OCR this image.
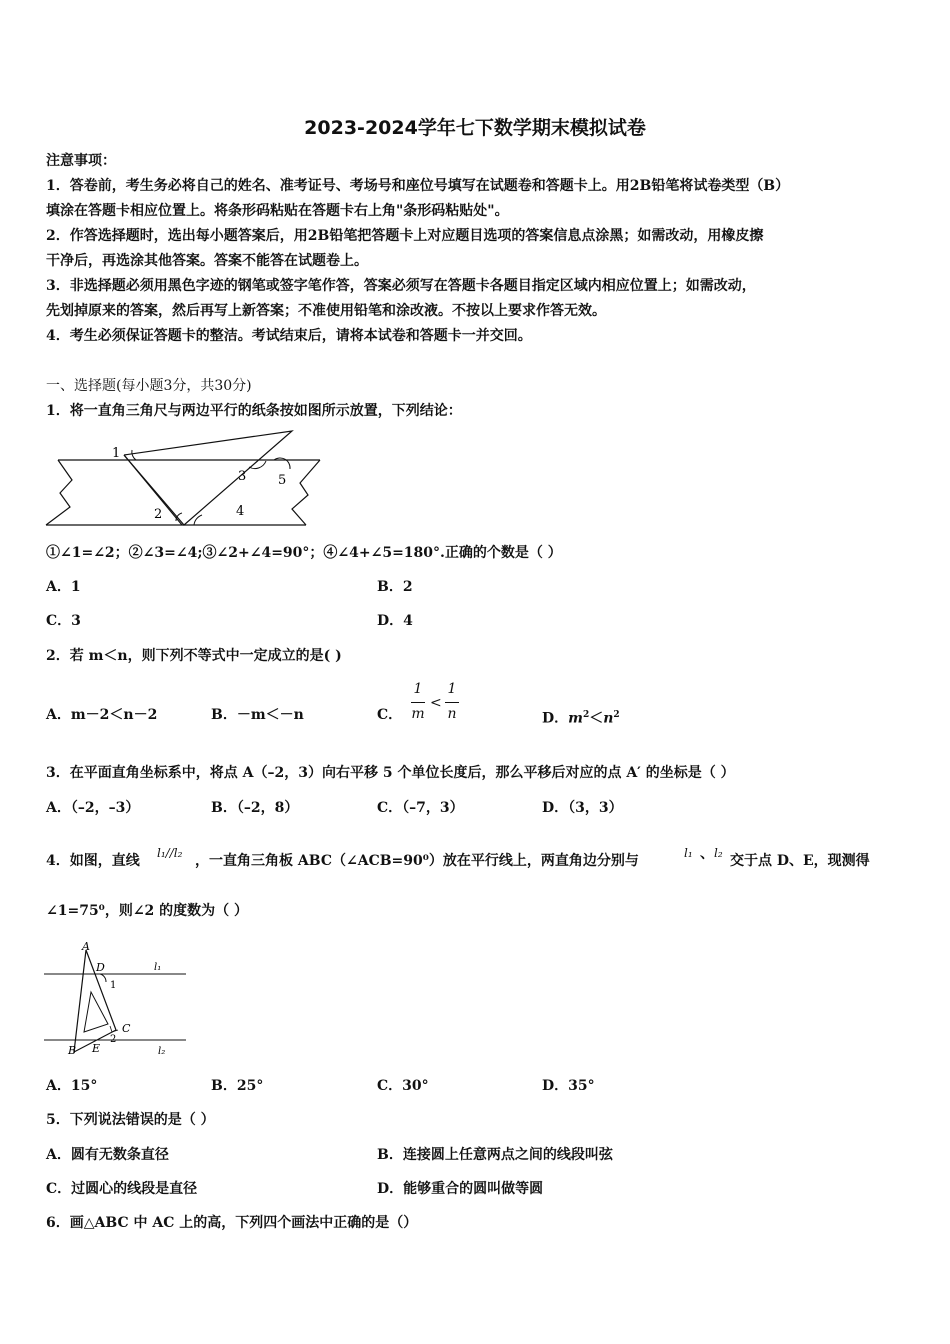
2023-2024学年七下数学期末模拟试卷
注意事项：
1．答卷前，考生务必将自己的姓名、准考证号、考场号和座位号填写在试题卷和答题卡上。用2B铅笔将试卷类型（B）
填涂在答题卡相应位置上。将条形码粘贴在答题卡右上角"条形码粘贴处"。
2．作答选择题时，选出每小题答案后，用2B铅笔把答题卡上对应题目选项的答案信息点涂黑；如需改动，用橡皮擦
干净后，再选涂其他答案。答案不能答在试题卷上。
3．非选择题必须用黑色字迹的钢笔或签字笔作答，答案必须写在答题卡各题目指定区域内相应位置上；如需改动，
先划掉原来的答案，然后再写上新答案；不准使用铅笔和涂改液。不按以上要求作答无效。
4．考生必须保证答题卡的整洁。考试结束后，请将本试卷和答题卡一并交回。
一、选择题(每小题3分，共30分)
1．将一直角三角尺与两边平行的纸条按如图所示放置，下列结论：
1
2
3
4
5
①∠1=∠2；②∠3=∠4;③∠2+∠4=90°；④∠4+∠5=180°.正确的个数是（ ）
A．1	B．2
C．3	D．4
2．若 m＜n，则下列不等式中一定成立的是( )
A．m－2＜n－2	B．－m＜－n	C．
1
m
<
1
n	D．$m^2<n^2$
3．在平面直角坐标系中，将点 A（–2，3）向右平移 5 个单位长度后，那么平移后对应的点 A′ 的坐标是（ ）
A．（–2，–3）	B．（–2，8）	C．（–7，3）	D．（3，3）
4．如图，直线 l₁//l₂ ，一直角三角板 ABC（∠ACB=90⁰）放在平行线上，两直角边分别与	l₁ 、 l₂ 交于点 D、E，现测得
∠1=75⁰，则∠2 的度数为（ ）
A
D	l₁
1
C
2
B E	l₂
A．15°	B．25°	C．30°	D．35°
5．下列说法错误的是（ ）
A．圆有无数条直径	B．连接圆上任意两点之间的线段叫弦
C．过圆心的线段是直径	D．能够重合的圆叫做等圆
6．画△ABC 中 AC 上的高，下列四个画法中正确的是（）
